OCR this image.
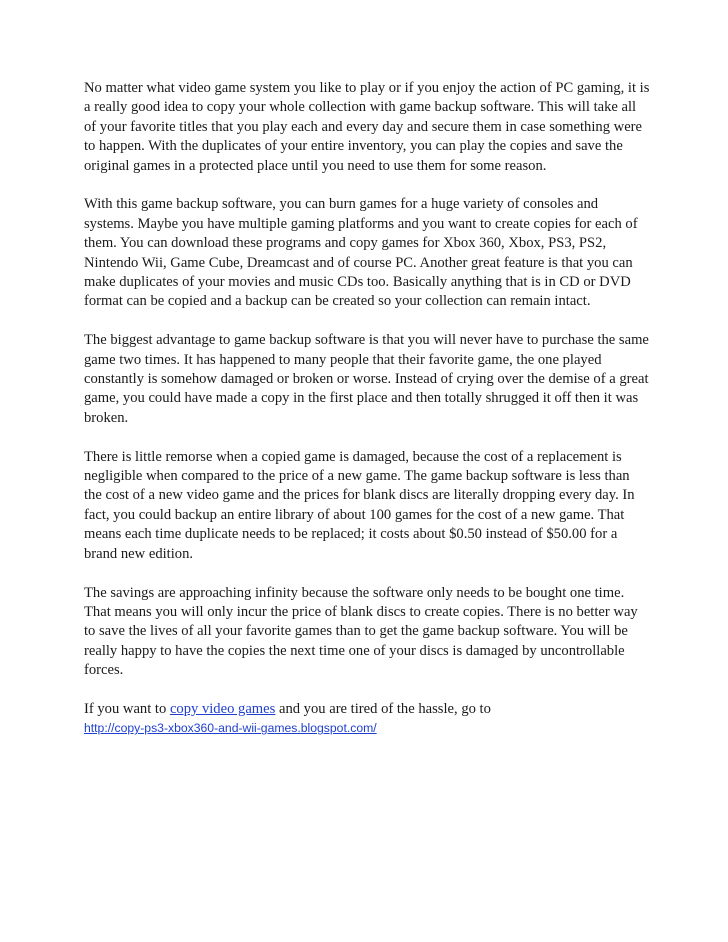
No matter what video game system you like to play or if you enjoy the action of PC gaming, it is a really good idea to copy your whole collection with game backup software. This will take all of your favorite titles that you play each and every day and secure them in case something were to happen. With the duplicates of your entire inventory, you can play the copies and save the original games in a protected place until you need to use them for some reason.

With this game backup software, you can burn games for a huge variety of consoles and systems. Maybe you have multiple gaming platforms and you want to create copies for each of them. You can download these programs and copy games for Xbox 360, Xbox, PS3, PS2, Nintendo Wii, Game Cube, Dreamcast and of course PC. Another great feature is that you can make duplicates of your movies and music CDs too. Basically anything that is in CD or DVD format can be copied and a backup can be created so your collection can remain intact.

The biggest advantage to game backup software is that you will never have to purchase the same game two times. It has happened to many people that their favorite game, the one played constantly is somehow damaged or broken or worse. Instead of crying over the demise of a great game, you could have made a copy in the first place and then totally shrugged it off then it was broken.

There is little remorse when a copied game is damaged, because the cost of a replacement is negligible when compared to the price of a new game. The game backup software is less than the cost of a new video game and the prices for blank discs are literally dropping every day. In fact, you could backup an entire library of about 100 games for the cost of a new game. That means each time duplicate needs to be replaced; it costs about $0.50 instead of $50.00 for a brand new edition.

The savings are approaching infinity because the software only needs to be bought one time. That means you will only incur the price of blank discs to create copies. There is no better way to save the lives of all your favorite games than to get the game backup software. You will be really happy to have the copies the next time one of your discs is damaged by uncontrollable forces.

If you want to copy video games and you are tired of the hassle, go to
http://copy-ps3-xbox360-and-wii-games.blogspot.com/
